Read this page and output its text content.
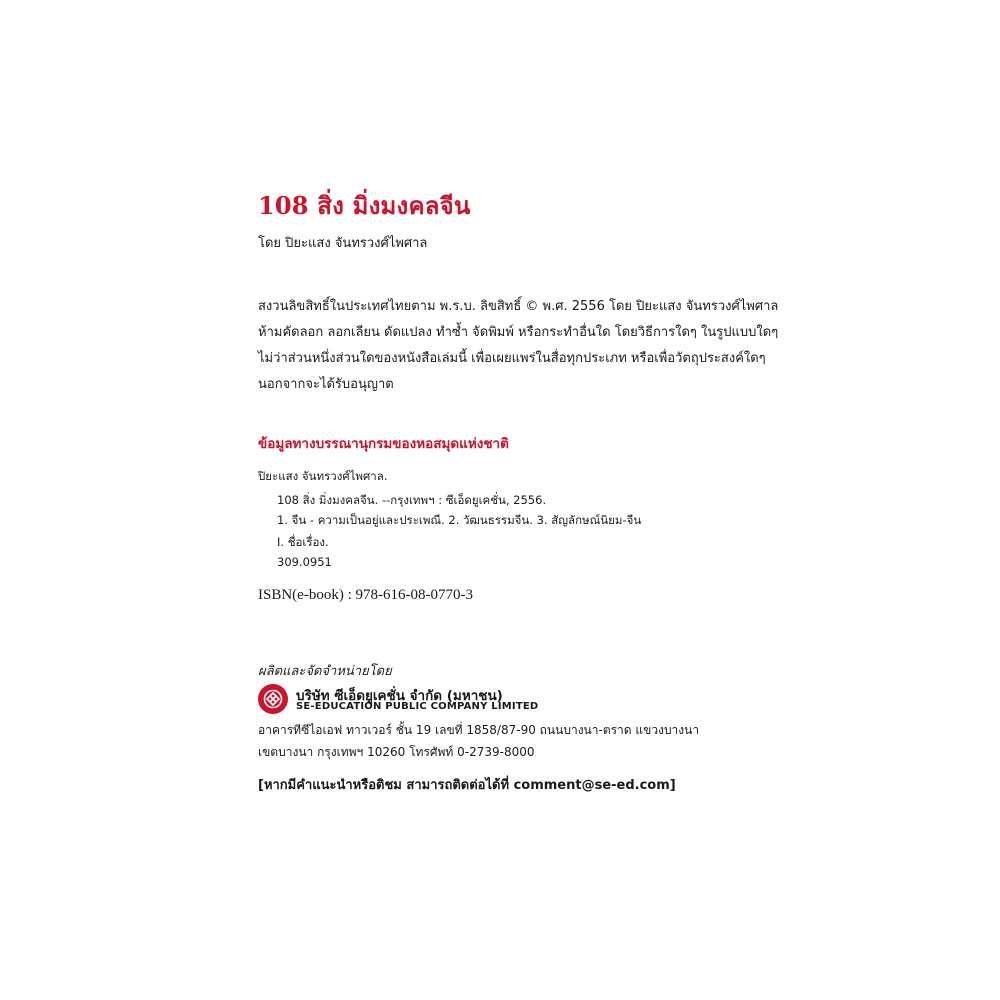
108 สิ่ง มิ่งมงคลจีน
โดย ปิยะแสง จันทรวงศ์ไพศาล
สงวนลิขสิทธิ์ในประเทศไทยตาม พ.ร.บ. ลิขสิทธิ์ © พ.ศ. 2556 โดย ปิยะแสง จันทรวงศ์ไพศาล
ห้ามคัดลอก ลอกเลียน ดัดแปลง ทำซ้ำ จัดพิมพ์ หรือกระทำอื่นใด โดยวิธีการใดๆ ในรูปแบบใดๆ
ไม่ว่าส่วนหนึ่งส่วนใดของหนังสือเล่มนี้ เพื่อเผยแพร่ในสื่อทุกประเภท หรือเพื่อวัตถุประสงค์ใดๆ
นอกจากจะได้รับอนุญาต
ข้อมูลทางบรรณานุกรมของหอสมุดแห่งชาติ
ปิยะแสง จันทรวงศ์ไพศาล.
108 สิ่ง มิ่งมงคลจีน. --กรุงเทพฯ : ซีเอ็ดยูเคชั่น, 2556.
1. จีน - ความเป็นอยู่และประเพณี. 2. วัฒนธรรมจีน. 3. สัญลักษณ์นิยม-จีน
I. ชื่อเรื่อง.
309.0951
ISBN(e-book) : 978-616-08-0770-3
ผลิตและจัดจำหน่ายโดย
บริษัท ซีเอ็ดยูเคชั่น จำกัด (มหาชน)
SE-EDUCATION PUBLIC COMPANY LIMITED
อาคารทีซีไอเอฟ ทาวเวอร์ ชั้น 19 เลขที่ 1858/87-90 ถนนบางนา-ตราด แขวงบางนา
เขตบางนา กรุงเทพฯ 10260 โทรศัพท์ 0-2739-8000
[หากมีคำแนะนำหรือติชม สามารถติดต่อได้ที่ comment@se-ed.com]
